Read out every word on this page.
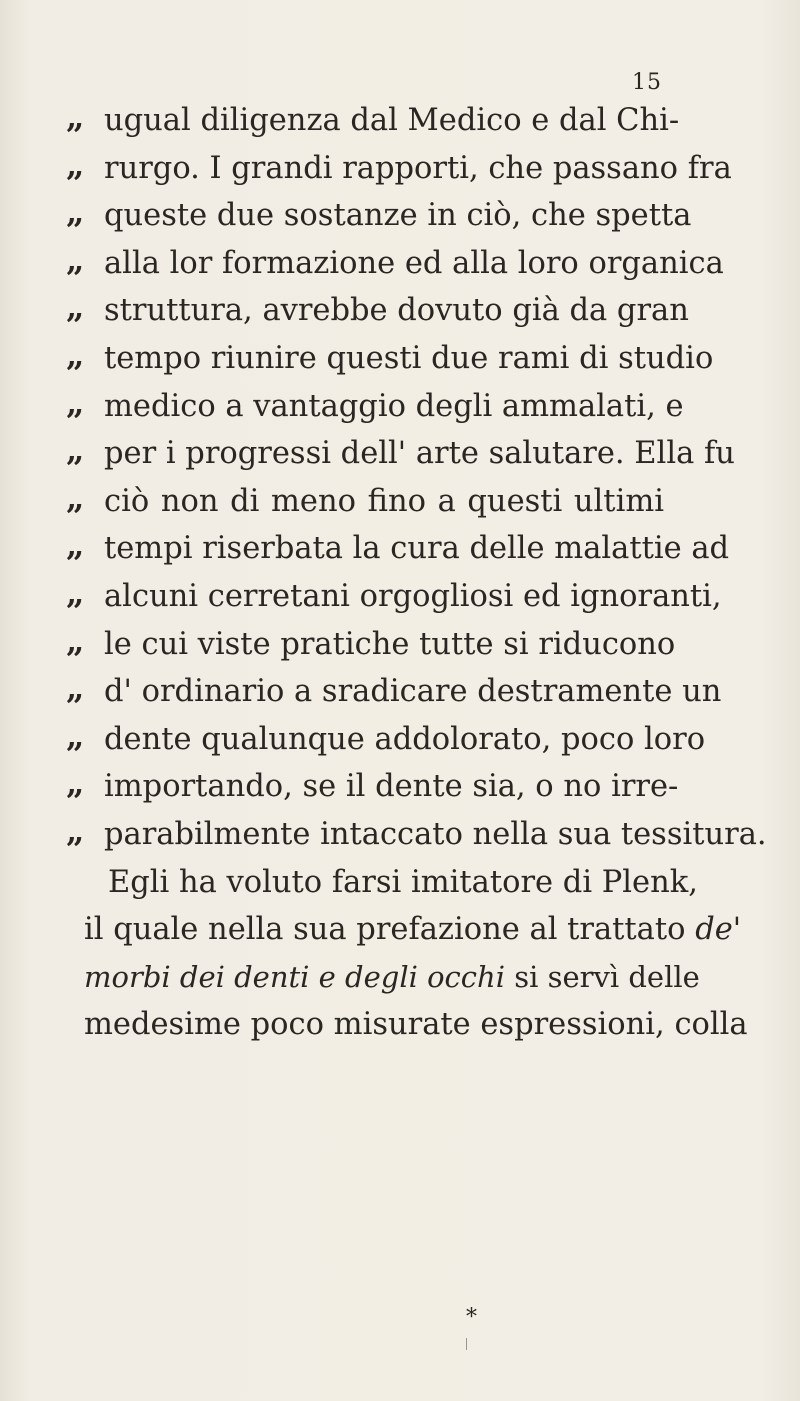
15
„ ugual diligenza dal Medico e dal Chi-
„ rurgo. I grandi rapporti, che passano fra
„ queste due sostanze in ciò, che spetta
„ alla lor formazione ed alla loro organica
„ struttura, avrebbe dovuto già da gran
„ tempo riunire questi due rami di studio
„ medico a vantaggio degli ammalati, e
„ per i progressi dell' arte salutare. Ella fu
„ ciò non di meno fino a questi ultimi
„ tempi riserbata la cura delle malattie ad
„ alcuni cerretani orgogliosi ed ignoranti,
„ le cui viste pratiche tutte si riducono
„ d' ordinario a sradicare destramente un
„ dente qualunque addolorato, poco loro
„ importando, se il dente sia, o no irre-
„ parabilmente intaccato nella sua tessitura.
Egli ha voluto farsi imitatore di Plenk,
il quale nella sua prefazione al trattato de'
morbi dei denti e degli occhi si servì delle
medesime poco misurate espressioni, colla
*
